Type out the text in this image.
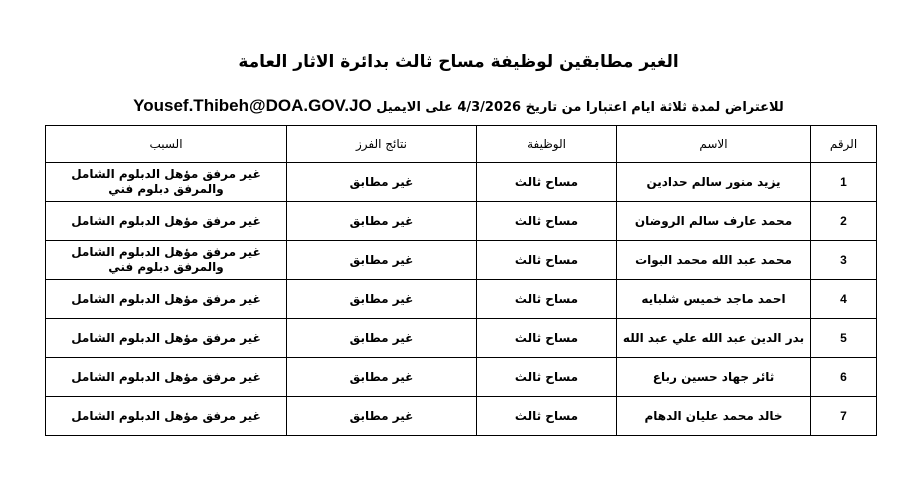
الغير مطابقين لوظيفة مساح ثالث بدائرة الاثار العامة
للاعتراض لمدة ثلاثة ايام اعتبارا من تاريخ 4/3/2026 على الايميل Yousef.Thibeh@DOA.GOV.JO
الرقم	الاسم	الوظيفة	نتائج الفرز	السبب
1	يزيد منور سالم حدادين	مساح ثالث	غير مطابق	غير مرفق مؤهل الدبلوم الشامل والمرفق دبلوم فني
2	محمد عارف سالم الروضان	مساح ثالث	غير مطابق	غير مرفق مؤهل الدبلوم الشامل
3	محمد عبد الله محمد البوات	مساح ثالث	غير مطابق	غير مرفق مؤهل الدبلوم الشامل والمرفق دبلوم فني
4	احمد ماجد خميس شلبايه	مساح ثالث	غير مطابق	غير مرفق مؤهل الدبلوم الشامل
5	بدر الدين عبد الله علي عبد الله	مساح ثالث	غير مطابق	غير مرفق مؤهل الدبلوم الشامل
6	ثائر جهاد حسين رباع	مساح ثالث	غير مطابق	غير مرفق مؤهل الدبلوم الشامل
7	خالد محمد عليان الدهام	مساح ثالث	غير مطابق	غير مرفق مؤهل الدبلوم الشامل
